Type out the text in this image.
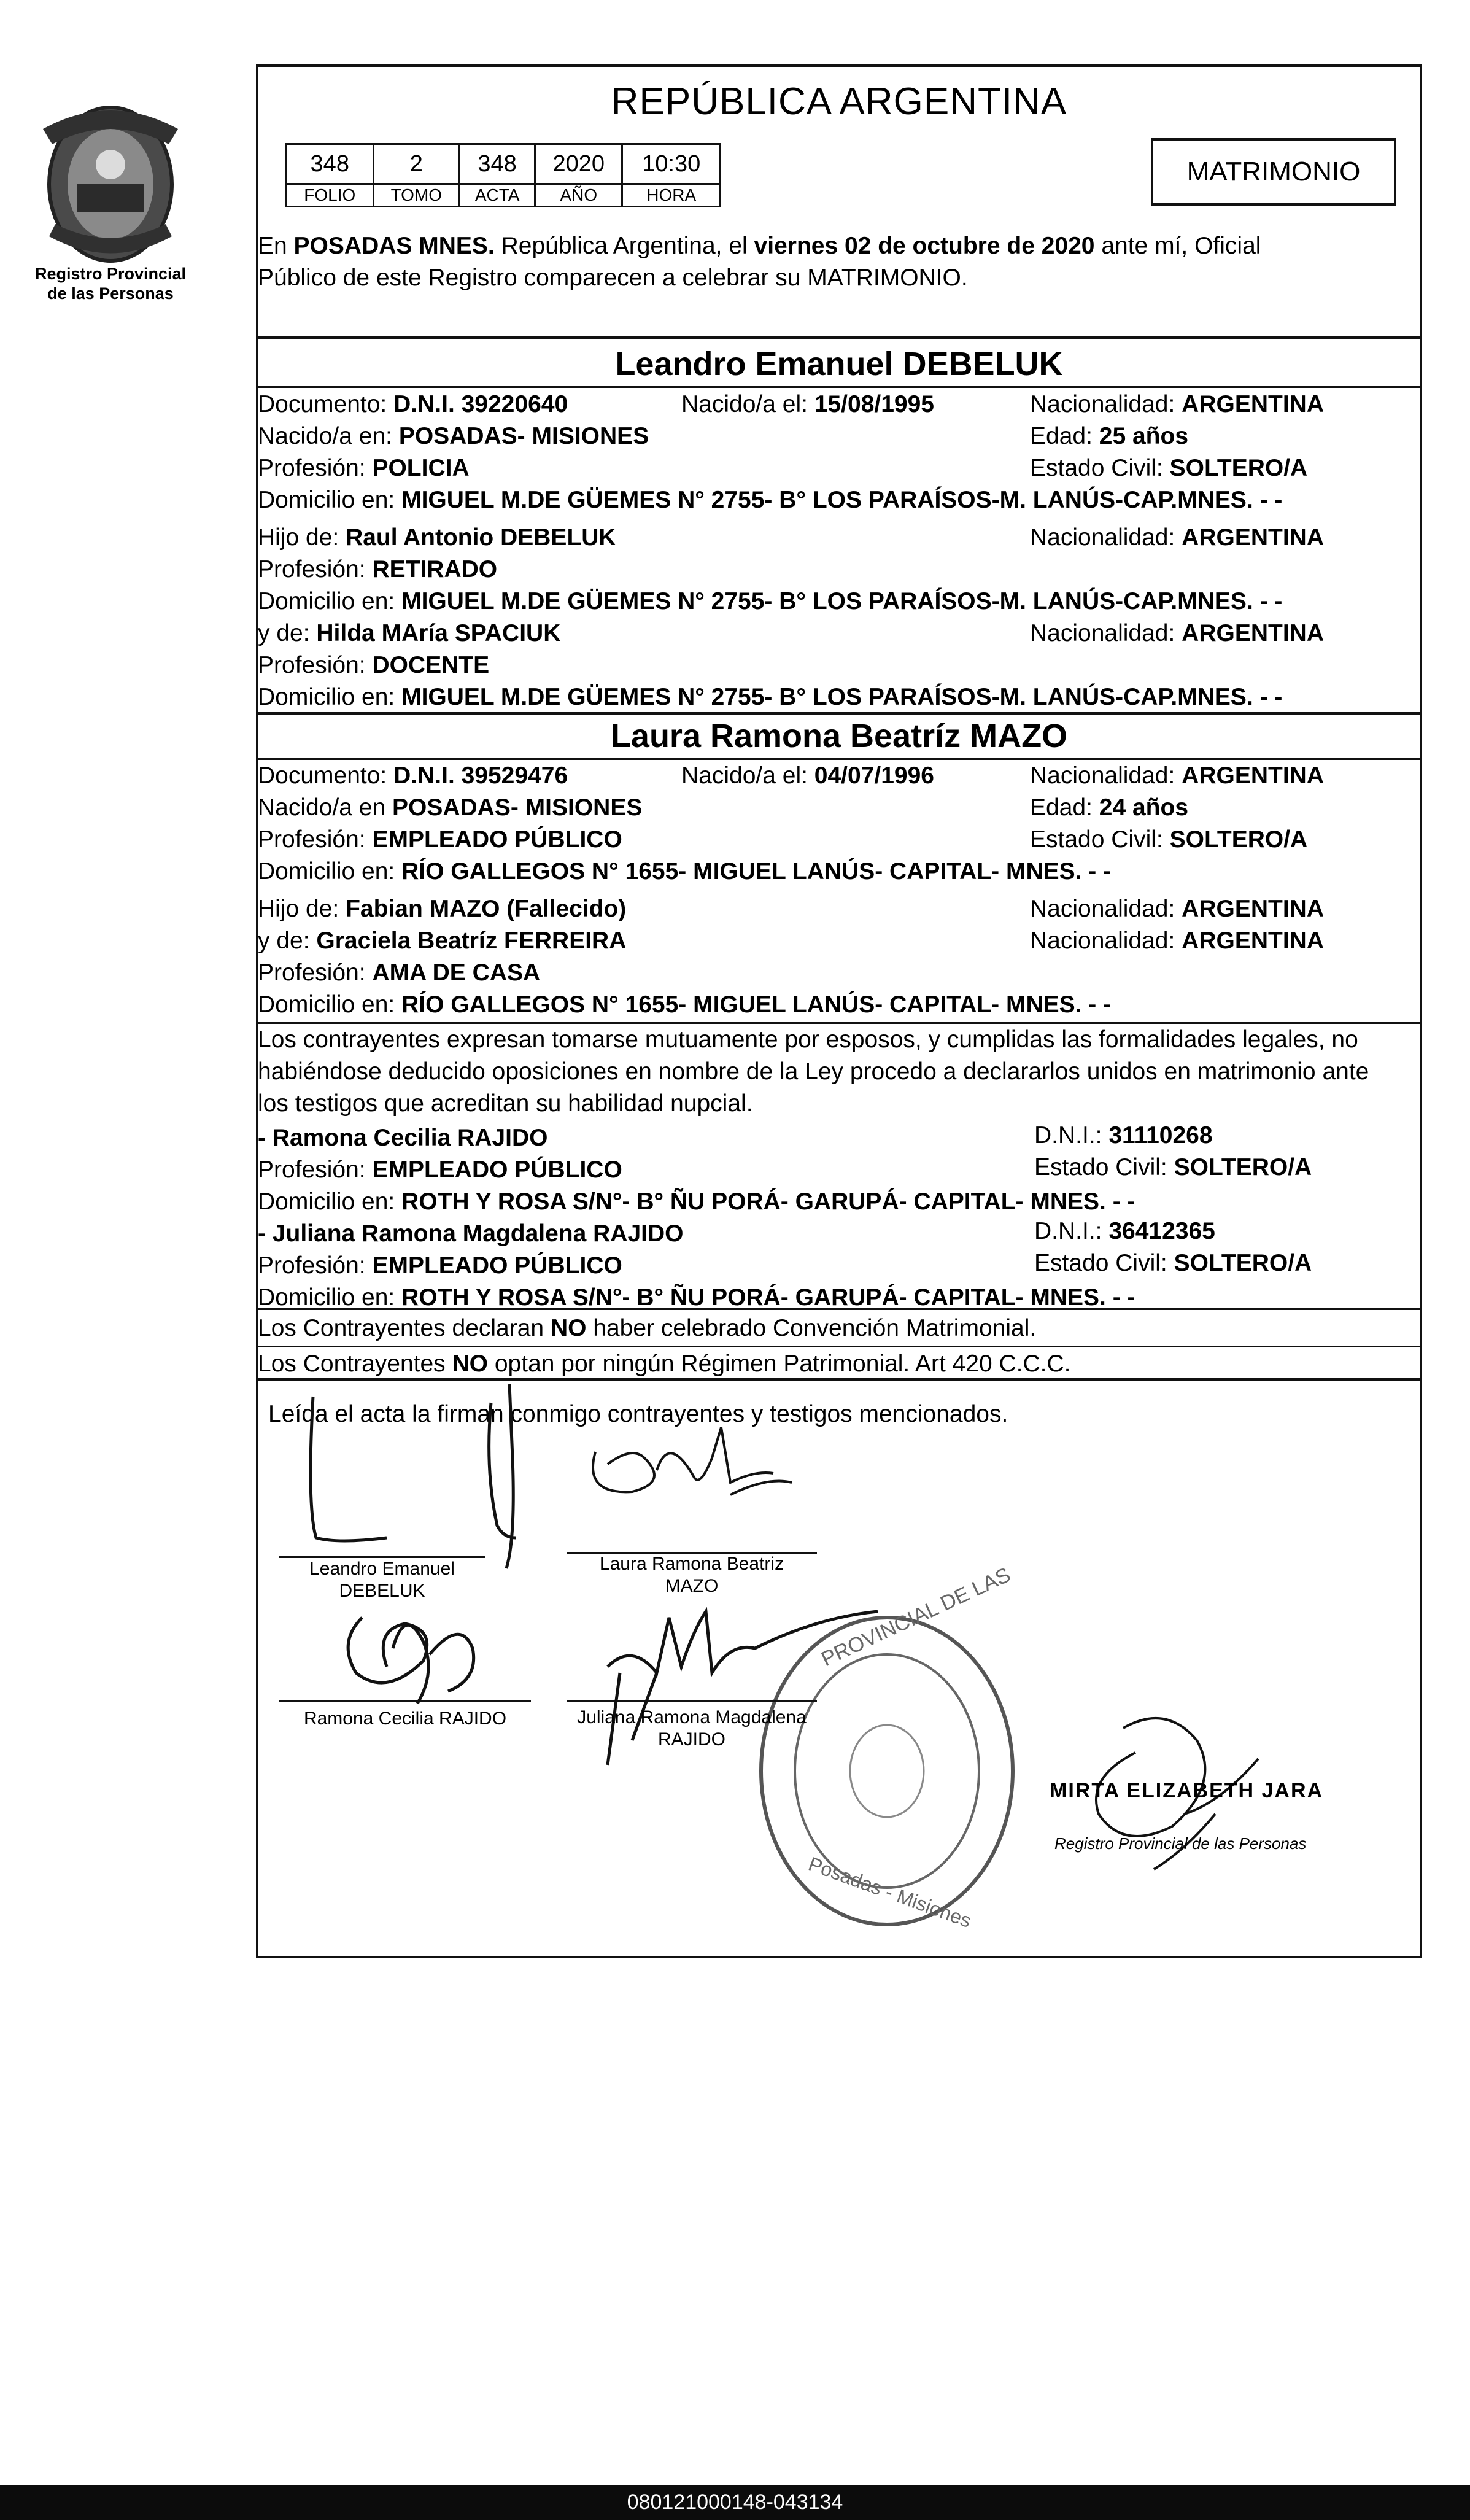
Registro Provincial
de las Personas
REPÚBLICA ARGENTINA
348	2	348	2020	10:30
FOLIO	TOMO	ACTA	AÑO	HORA
MATRIMONIO
En POSADAS MNES. República Argentina, el viernes 02 de octubre de 2020 ante mí, Oficial
Público de este Registro comparecen a celebrar su MATRIMONIO.
Leandro Emanuel DEBELUK
Documento: D.N.I. 39220640	Nacido/a el: 15/08/1995	Nacionalidad: ARGENTINA
Nacido/a en: POSADAS- MISIONES	Edad: 25 años
Profesión: POLICIA	Estado Civil: SOLTERO/A
Domicilio en: MIGUEL M.DE GÜEMES N° 2755- B° LOS PARAÍSOS-M. LANÚS-CAP.MNES. - -
Hijo de: Raul Antonio DEBELUK	Nacionalidad: ARGENTINA
Profesión: RETIRADO
Domicilio en: MIGUEL M.DE GÜEMES N° 2755- B° LOS PARAÍSOS-M. LANÚS-CAP.MNES. - -
y de: Hilda MAría SPACIUK	Nacionalidad: ARGENTINA
Profesión: DOCENTE
Domicilio en: MIGUEL M.DE GÜEMES N° 2755- B° LOS PARAÍSOS-M. LANÚS-CAP.MNES. - -
Laura Ramona Beatríz MAZO
Documento: D.N.I. 39529476	Nacido/a el: 04/07/1996	Nacionalidad: ARGENTINA
Nacido/a en POSADAS- MISIONES	Edad: 24 años
Profesión: EMPLEADO PÚBLICO	Estado Civil: SOLTERO/A
Domicilio en: RÍO GALLEGOS N° 1655- MIGUEL LANÚS- CAPITAL- MNES. - -
Hijo de: Fabian MAZO (Fallecido)	Nacionalidad: ARGENTINA
y de: Graciela Beatríz FERREIRA	Nacionalidad: ARGENTINA
Profesión: AMA DE CASA
Domicilio en: RÍO GALLEGOS N° 1655- MIGUEL LANÚS- CAPITAL- MNES. - -
Los contrayentes expresan tomarse mutuamente por esposos, y cumplidas las formalidades legales, no
habiéndose deducido oposiciones en nombre de la Ley procedo a declararlos unidos en matrimonio ante
los testigos que acreditan su habilidad nupcial.
- Ramona Cecilia RAJIDO	D.N.I.: 31110268
Profesión: EMPLEADO PÚBLICO	Estado Civil: SOLTERO/A
Domicilio en: ROTH Y ROSA S/N°- B° ÑU PORÁ- GARUPÁ- CAPITAL- MNES. - -
- Juliana Ramona Magdalena RAJIDO	D.N.I.: 36412365
Profesión: EMPLEADO PÚBLICO	Estado Civil: SOLTERO/A
Domicilio en: ROTH Y ROSA S/N°- B° ÑU PORÁ- GARUPÁ- CAPITAL- MNES. - -
Los Contrayentes declaran NO haber celebrado Convención Matrimonial.
Los Contrayentes NO optan por ningún Régimen Patrimonial. Art 420 C.C.C.
Leída el acta la firman conmigo contrayentes y testigos mencionados.
PROVINCIAL DE LAS
Posadas - Misiones
Leandro Emanuel
DEBELUK
Laura Ramona Beatriz
MAZO
Ramona Cecilia RAJIDO	Juliana Ramona Magdalena
RAJIDO
MIRTA ELIZABETH JARA
Registro Provincial de las Personas
080121000148-043134
